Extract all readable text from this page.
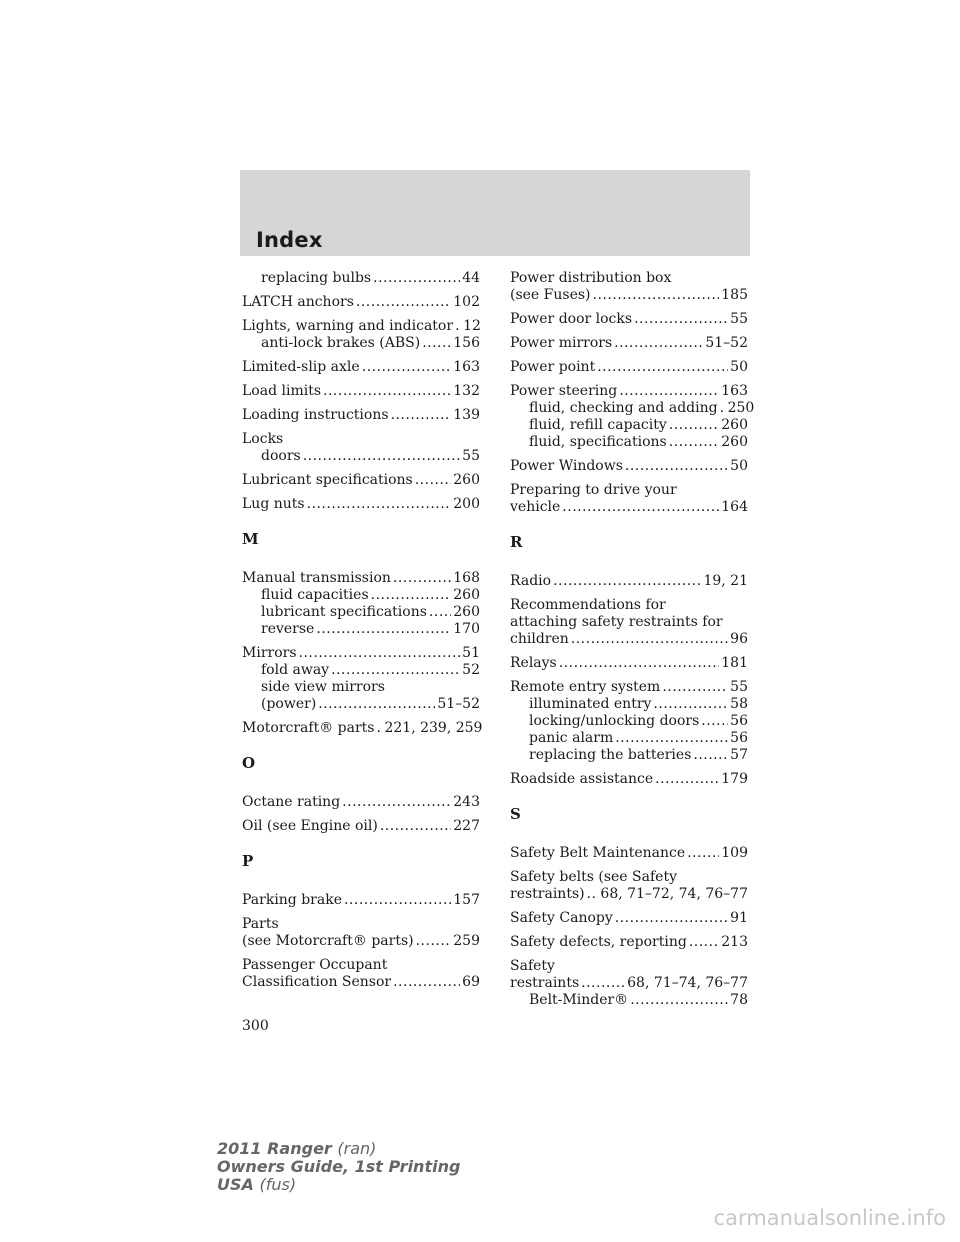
Index
replacing bulbs .....	44
LATCH anchors .....	102
Lights, warning and indicator ..... 12
anti-lock brakes (ABS) ..... 156
Limited-slip axle .....	163
Load limits .....	132
Loading instructions .....	139
Locks
doors .....	55
Lubricant specifications .....	260
Lug nuts .....	200
M
Manual transmission .....	168
fluid capacities .....	260
lubricant specifications ..... 260
reverse .....	170
Mirrors .....	51
fold away .....	52
side view mirrors
(power) .....	51–52
Motorcraft® parts ..... 221, 239, 259
O
Octane rating .....	243
Oil (see Engine oil) .....	227
P
Parking brake .....	157
Parts
(see Motorcraft® parts) .....	259
Passenger Occupant
Classification Sensor .....	69
Power distribution box
(see Fuses) .....	185
Power door locks .....	55
Power mirrors .....	51–52
Power point .....	50
Power steering .....	163
fluid, checking and adding ..... 250
fluid, refill capacity .....	260
fluid, specifications .....	260
Power Windows .....	50
Preparing to drive your
vehicle .....	164
R
Radio .....	19, 21
Recommendations for
attaching safety restraints for
children .....	96
Relays .....	181
Remote entry system .....	55
illuminated entry .....	58
locking/unlocking doors ..... 56
panic alarm .....	56
replacing the batteries .....	57
Roadside assistance .....	179
S
Safety Belt Maintenance .....	109
Safety belts (see Safety
restraints) ..... 68, 71–72, 74, 76–77
Safety Canopy .....	91
Safety defects, reporting ..... 213
Safety
restraints .....	68, 71–74, 76–77
Belt-Minder® .....	78
300
2011 Ranger (ran)
Owners Guide, 1st Printing
USA (fus)
carmanualsonline.info
